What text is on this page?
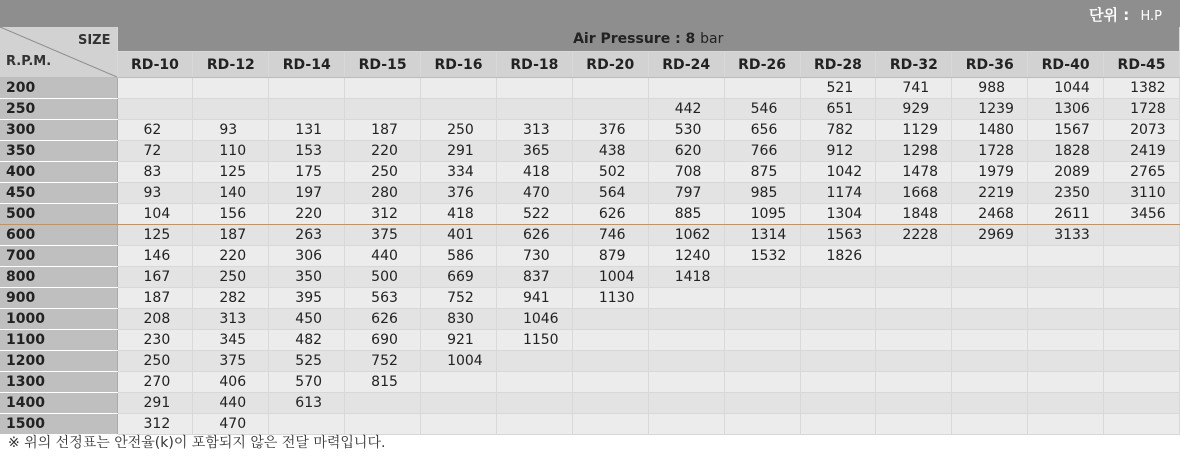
단위 : H.P
SIZE
R.P.M.	Air Pressure : 8 bar													
	RD-10	RD-12	RD-14	RD-15	RD-16	RD-18	RD-20	RD-24	RD-26	RD-28	RD-32	RD-36	RD-40	RD-45
200										521	741	988	1044	1382
250								442	546	651	929	1239	1306	1728
300	62	93	131	187	250	313	376	530	656	782	1129	1480	1567	2073
350	72	110	153	220	291	365	438	620	766	912	1298	1728	1828	2419
400	83	125	175	250	334	418	502	708	875	1042	1478	1979	2089	2765
450	93	140	197	280	376	470	564	797	985	1174	1668	2219	2350	3110
500	104	156	220	312	418	522	626	885	1095	1304	1848	2468	2611	3456
600	125	187	263	375	401	626	746	1062	1314	1563	2228	2969	3133	
700	146	220	306	440	586	730	879	1240	1532	1826				
800	167	250	350	500	669	837	1004	1418						
900	187	282	395	563	752	941	1130							
1000	208	313	450	626	830	1046								
1100	230	345	482	690	921	1150								
1200	250	375	525	752	1004									
1300	270	406	570	815										
1400	291	440	613											
1500	312	470												
※ 위의 선정표는 안전율(k)이 포함되지 않은 전달 마력입니다.
